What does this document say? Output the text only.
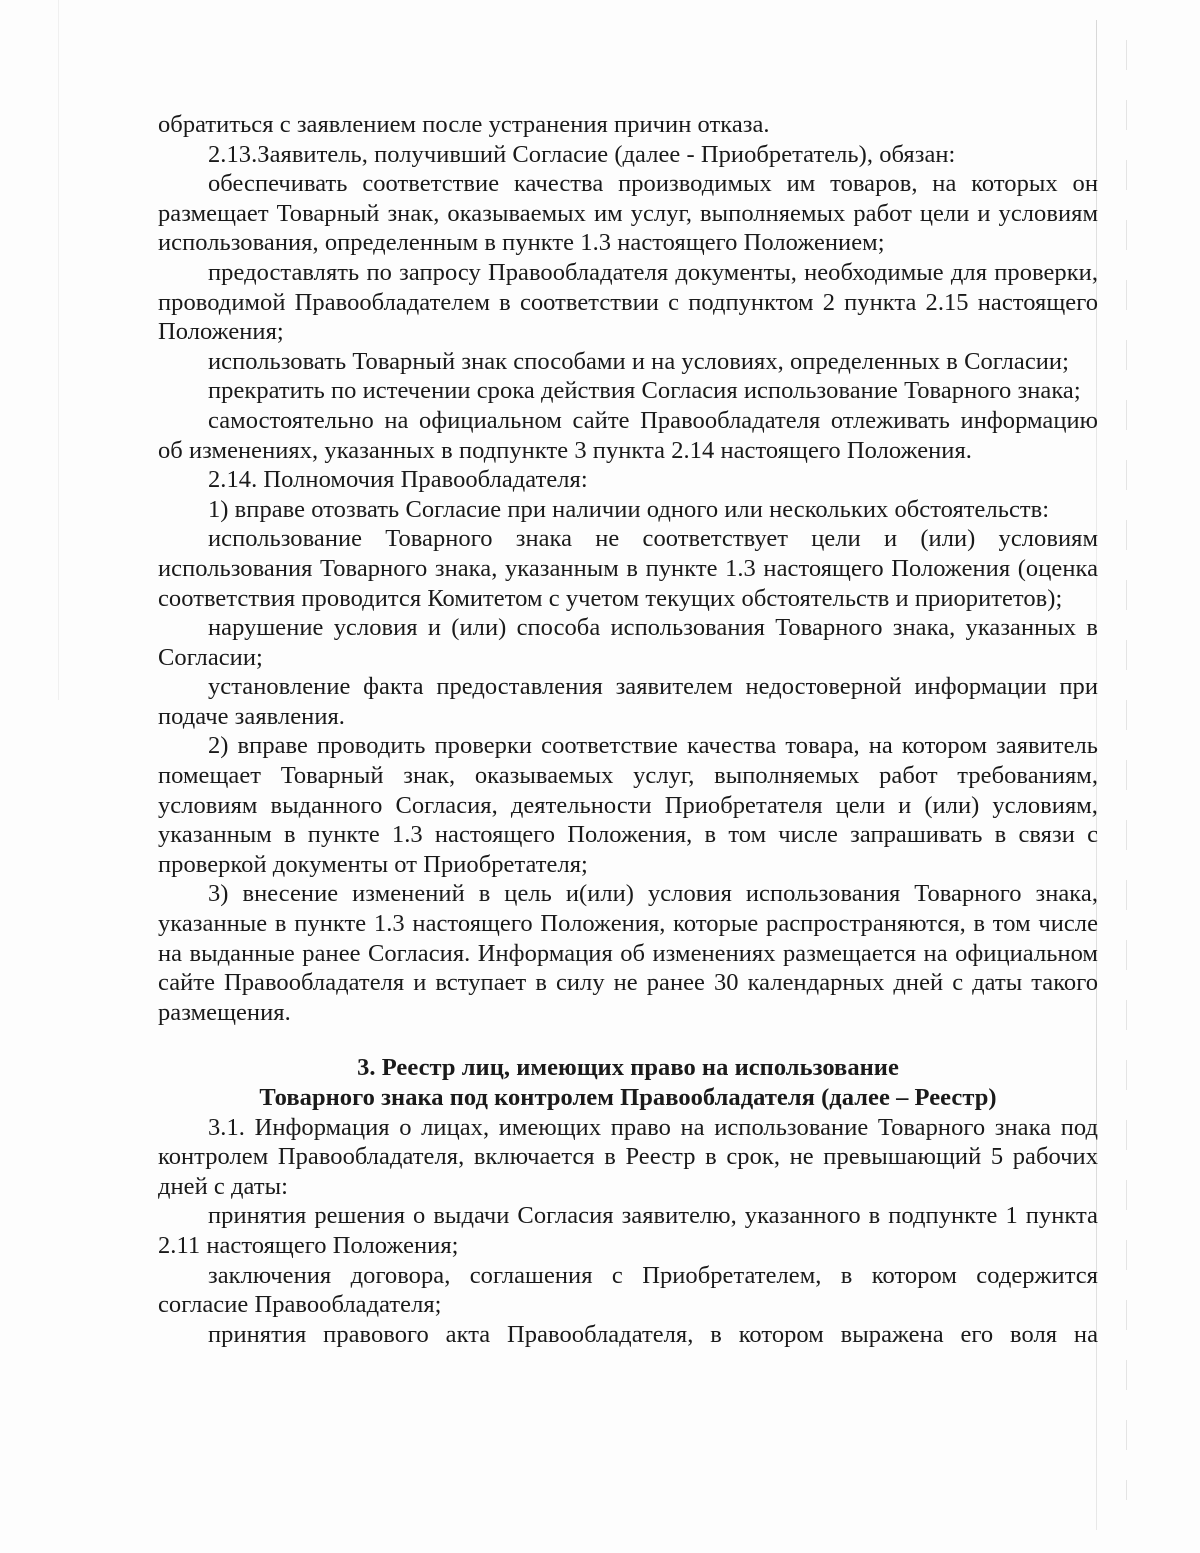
обратиться с заявлением после устранения причин отказа.

2.13.Заявитель, получивший Согласие (далее - Приобретатель), обязан:

обеспечивать соответствие качества производимых им товаров, на которых он размещает Товарный знак, оказываемых им услуг, выполняемых работ цели и условиям использования, определенным в пункте 1.3 настоящего Положением;

предоставлять по запросу Правообладателя документы, необходимые для проверки, проводимой Правообладателем в соответствии с подпунктом 2 пункта 2.15 настоящего Положения;

использовать Товарный знак способами и на условиях, определенных в Согласии;

прекратить по истечении срока действия Согласия использование Товарного знака;

самостоятельно на официальном сайте Правообладателя отлеживать информацию об изменениях, указанных в подпункте 3 пункта 2.14 настоящего Положения.

2.14. Полномочия Правообладателя:

1) вправе отозвать Согласие при наличии одного или нескольких обстоятельств:

использование Товарного знака не соответствует цели и (или) условиям использования Товарного знака, указанным в пункте 1.3 настоящего Положения (оценка соответствия проводится Комитетом с учетом текущих обстоятельств и приоритетов);

нарушение условия и (или) способа использования Товарного знака, указанных в Согласии;

установление факта предоставления заявителем недостоверной информации при подаче заявления.

2) вправе проводить проверки соответствие качества товара, на котором заявитель помещает Товарный знак, оказываемых услуг, выполняемых работ требованиям, условиям выданного Согласия, деятельности Приобретателя цели и (или) условиям, указанным в пункте 1.3 настоящего Положения, в том числе запрашивать в связи с проверкой документы от Приобретателя;

3) внесение изменений в цель и(или) условия использования Товарного знака, указанные в пункте 1.3 настоящего Положения, которые распространяются, в том числе на выданные ранее Согласия. Информация об изменениях размещается на официальном сайте Правообладателя и вступает в силу не ранее 30 календарных дней с даты такого размещения.

3. Реестр лиц, имеющих право на использование
Товарного знака под контролем Правообладателя (далее – Реестр)

3.1. Информация о лицах, имеющих право на использование Товарного знака под контролем Правообладателя, включается в Реестр в срок, не превышающий 5 рабочих дней с даты:

принятия решения о выдачи Согласия заявителю, указанного в подпункте 1 пункта 2.11 настоящего Положения;

заключения договора, соглашения с Приобретателем, в котором содержится согласие Правообладателя;

принятия правового акта Правообладателя, в котором выражена его воля на
